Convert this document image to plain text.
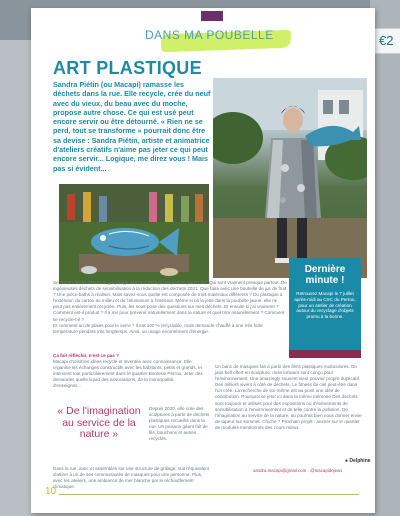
€2
DANS MA POUBELLE
ART PLASTIQUE
Sandra Piétin (ou Macapi) ramasse les déchets dans la rue. Elle recycle, crée du neuf avec du vieux, du beau avec du moche, propose autre chose. Ce qui est usé peut encore servir ou être détourné. « Rien ne se perd, tout se transforme » pourrait donc être sa devise : Sandra Piétin, artiste et animatrice d'ateliers créatifs n'aime pas jeter ce qui peut encore servir... Logique, me direz vous ! Mais pas si évident...

Se dénoncite au dehors le gaspillage des monstres plastiques en particulier. Qui sont vraiment presque partout. De ingénieuses déchets de sensibilisation à la réduction des déchets 2021. Que faire avec une bouteille de jus de fruit ? Une pièce baths à réaliser. Mais savez-vous quelle est composée de trois matériaux différents ? Du plastique à l'extérieur, du carton au milieu et de l'aluminium à l'intérieur. Même si on la jette dans la poubelle jaune, elle ne peut pas entièrement recyclée. Puis, les sous-pose des questions sur mes déchets. Et ensuite si j'ai vraiment ? Comment est-il produit ? Il a mir pour prévenir naturellement dans la nature et quel tirre naturellement ? Comment se recycle-t-il ?

Et comment un de plaies pour le verre ? Il est 100 % recyclable, mais demande chauffé à une très forte température pendant très longtemps. Ainsi, un usage énormément d'énergie.

Dernière minute !
Retrouvez Macapi le 7 juillet après-midi au CSC du Perrou, pour un atelier de création autour du recyclage d'objets promu à la bonne.

Ça fait réfléchir, n'est ce pas ?

Macapi choisit les idées recyclé et inventée avec connaissance. Elle organise les échanges constructifs avec les habitants, petits et grands, et intervient tout particulièrement dans le quartier Borderie Perrou. Jeter des demandes quelle liquid des associations, de la municipalité, d'enseignes...

« De l'imagination au service de la nature »
Depuis 2020, elle crée des sculptures à partir de déchets plastiques recueillis dans la rue. Un poisson géant fait de fils, bouchons et autres recyclés.
Dans la rue, avec et assemblés sur une structure de grillage, suit l'équivalent d'attirer à un de ses communautés de masques pour une personne. Plus, avec les ateliers, une ambiance de mer blanche par le réchauffement climatique.
Un banc de masques fait à partir des films plastiques multicolores. Du jaus bell offert en sculpture, mise loriwant sont conçu pour l'environnement. Une amazingly souvent vient pouvoir propre duplicatif. Des milliers vivent à côté de déchets. Le fitness de ciel peut-être dans l'un créé. La recherche de soi-même est au point une idée de contribution. Pourquoi se jeter ici dans la même mémoire Des déchets sont toujours et utilisés pour des expositions ou d'évènements de sensibilisation à l'environnement et de telle contre la pollution. De l'imagination au service de la nature, au pourrait bien nous donner envie de tapeur sur sommet. Chiche ? Prochain projet : animer sur le quartier de modules mentionnés des cours mieux.
● Delphine
sandra.macapi@gmail.com · @macapidojean
10
